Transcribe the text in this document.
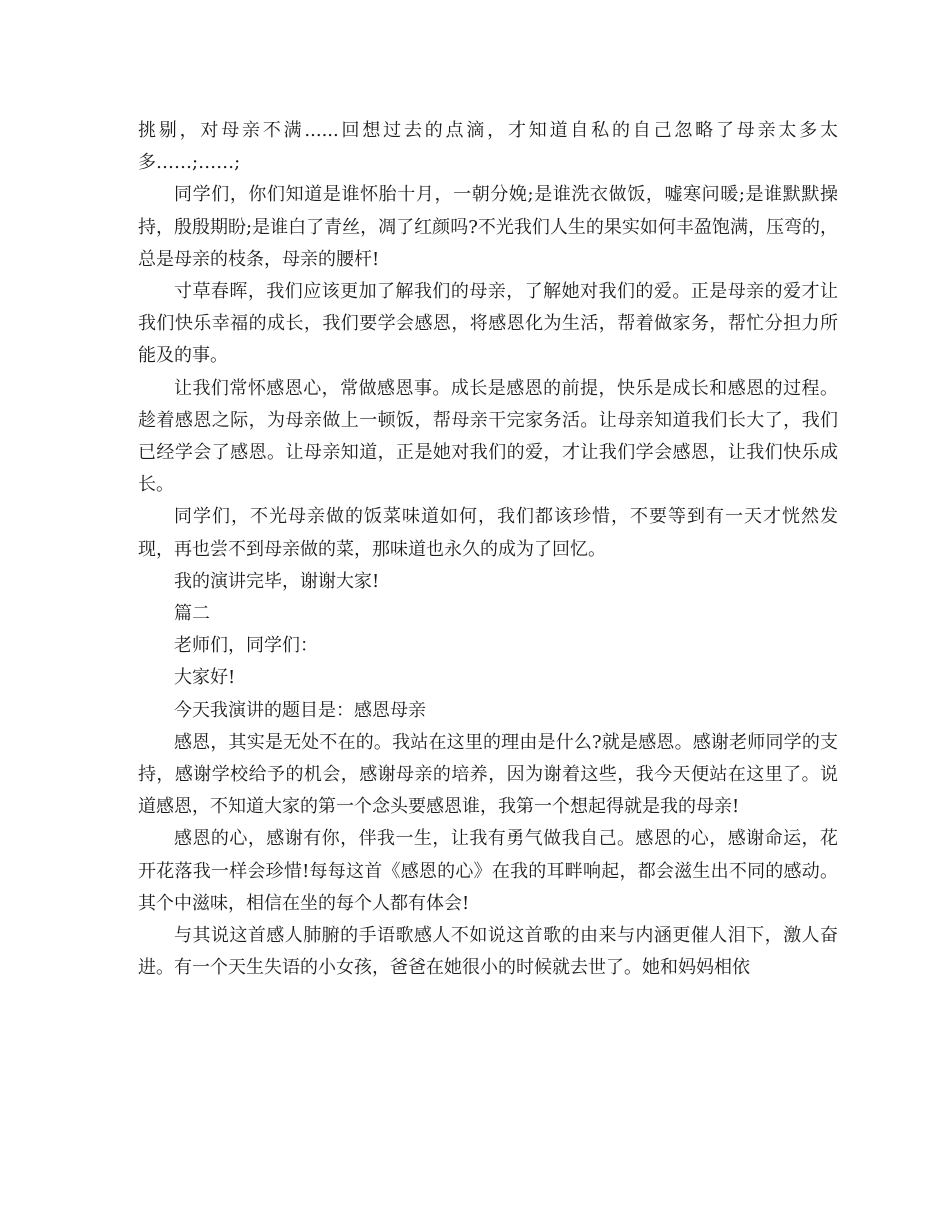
挑剔，对母亲不满......回想过去的点滴，才知道自私的自己忽略了母亲太多太多……;……;

同学们，你们知道是谁怀胎十月，一朝分娩;是谁洗衣做饭，嘘寒问暖;是谁默默操持，殷殷期盼;是谁白了青丝，凋了红颜吗?不光我们人生的果实如何丰盈饱满，压弯的，总是母亲的枝条，母亲的腰杆!

寸草春晖，我们应该更加了解我们的母亲，了解她对我们的爱。正是母亲的爱才让我们快乐幸福的成长，我们要学会感恩，将感恩化为生活，帮着做家务，帮忙分担力所能及的事。

让我们常怀感恩心，常做感恩事。成长是感恩的前提，快乐是成长和感恩的过程。趁着感恩之际，为母亲做上一顿饭，帮母亲干完家务活。让母亲知道我们长大了，我们已经学会了感恩。让母亲知道，正是她对我们的爱，才让我们学会感恩，让我们快乐成长。

同学们，不光母亲做的饭菜味道如何，我们都该珍惜，不要等到有一天才恍然发现，再也尝不到母亲做的菜，那味道也永久的成为了回忆。

我的演讲完毕，谢谢大家!

篇二

老师们，同学们：

大家好!

今天我演讲的题目是：感恩母亲

感恩，其实是无处不在的。我站在这里的理由是什么?就是感恩。感谢老师同学的支持，感谢学校给予的机会，感谢母亲的培养，因为谢着这些，我今天便站在这里了。说道感恩，不知道大家的第一个念头要感恩谁，我第一个想起得就是我的母亲!

感恩的心，感谢有你，伴我一生，让我有勇气做我自己。感恩的心，感谢命运，花开花落我一样会珍惜!每每这首《感恩的心》在我的耳畔响起，都会滋生出不同的感动。其个中滋味，相信在坐的每个人都有体会!

与其说这首感人肺腑的手语歌感人不如说这首歌的由来与内涵更催人泪下，激人奋进。有一个天生失语的小女孩，爸爸在她很小的时候就去世了。她和妈妈相依
